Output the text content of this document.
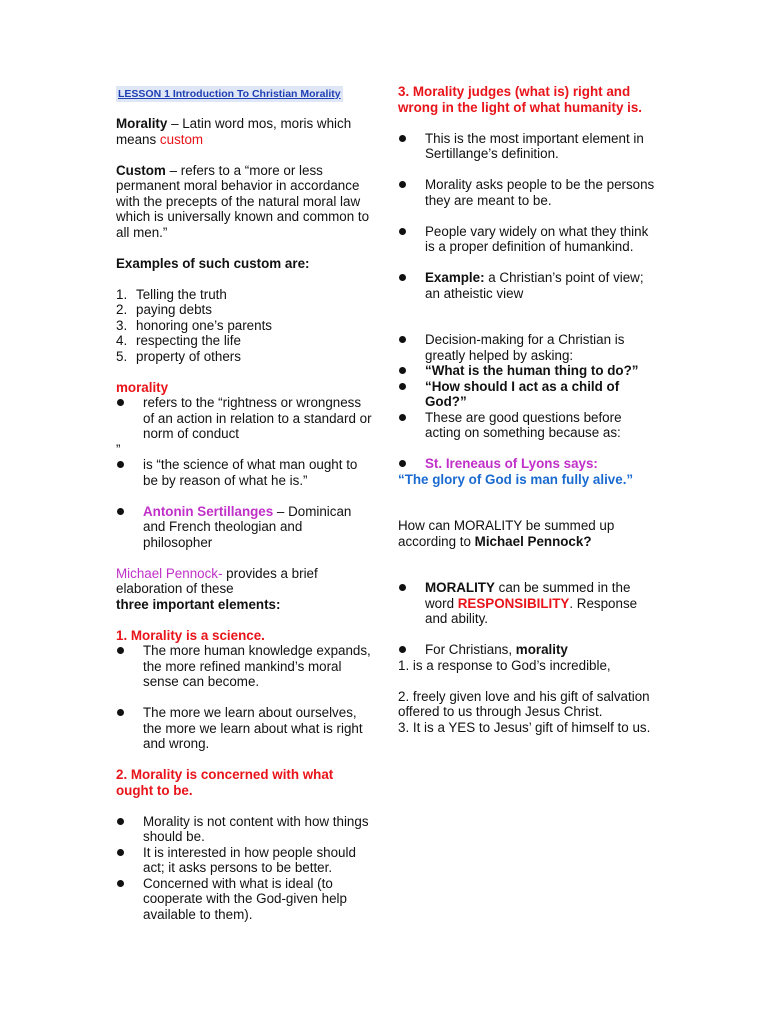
LESSON 1 Introduction To Christian Morality

Morality – Latin word mos, moris which means custom

Custom – refers to a “more or less permanent moral behavior in accordance with the precepts of the natural moral law which is universally known and common to all men.”

Examples of such custom are:

1. Telling the truth
2. paying debts
3. honoring one’s parents
4. respecting the life
5. property of others

morality

refers to the “rightness or wrongness of an action in relation to a standard or norm of conduct

”

is “the science of what man ought to be by reason of what he is.”
Antonin Sertillanges – Dominican and French theologian and philosopher

Michael Pennock- provides a brief elaboration of these

three important elements:

1. Morality is a science.

The more human knowledge expands, the more refined mankind’s moral sense can become.
The more we learn about ourselves, the more we learn about what is right and wrong.

2. Morality is concerned with what ought to be.

Morality is not content with how things should be.
It is interested in how people should act; it asks persons to be better.
Concerned with what is ideal (to cooperate with the God-given help available to them).

3. Morality judges (what is) right and wrong in the light of what humanity is.

This is the most important element in Sertillange’s definition.
Morality asks people to be the persons they are meant to be.
People vary widely on what they think is a proper definition of humankind.
Example: a Christian’s point of view; an atheistic view
Decision-making for a Christian is greatly helped by asking:
“What is the human thing to do?”
“How should I act as a child of God?”
These are good questions before acting on something because as:
St. Ireneaus of Lyons says:

“The glory of God is man fully alive.”

How can MORALITY be summed up according to Michael Pennock?

MORALITY can be summed in the word RESPONSIBILITY. Response and ability.
For Christians, morality

1. is a response to God’s incredible,

2. freely given love and his gift of salvation offered to us through Jesus Christ.

3. It is a YES to Jesus’ gift of himself to us.
